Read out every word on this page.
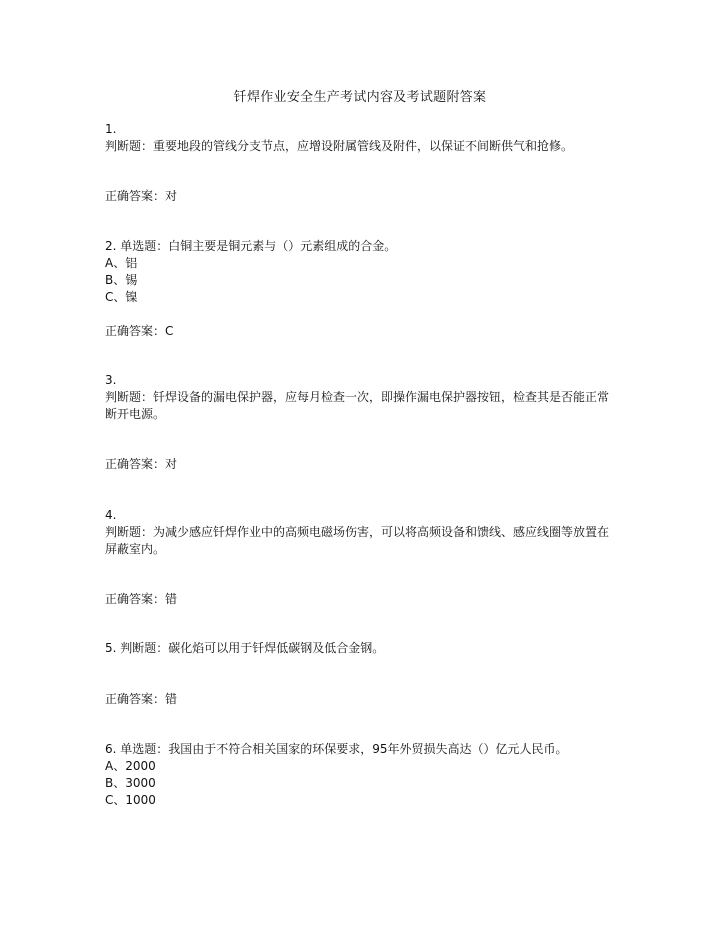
钎焊作业安全生产考试内容及考试题附答案
1.
判断题：重要地段的管线分支节点，应增设附属管线及附件，以保证不间断供气和抢修。
正确答案：对
2. 单选题：白铜主要是铜元素与（）元素组成的合金。
A、铝
B、锡
C、镍
正确答案：C
3.
判断题：钎焊设备的漏电保护器，应每月检查一次，即操作漏电保护器按钮，检查其是否能正常断开电源。
正确答案：对
4.
判断题：为减少感应钎焊作业中的高频电磁场伤害，可以将高频设备和馈线、感应线圈等放置在屏蔽室内。
正确答案：错
5. 判断题：碳化焰可以用于钎焊低碳钢及低合金钢。
正确答案：错
6. 单选题：我国由于不符合相关国家的环保要求，95年外贸损失高达（）亿元人民币。
A、2000
B、3000
C、1000
